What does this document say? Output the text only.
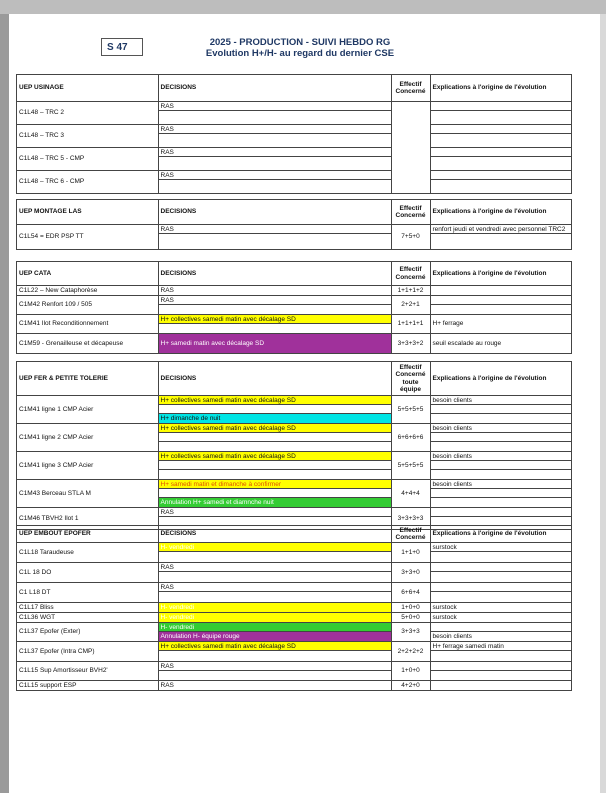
S 47	2025 - PRODUCTION - SUIVI HEBDO RG
Evolution H+/H- au regard du dernier CSE
UEP USINAGE	DECISIONS	Effectif Concerné	Explications à l'origine de l'évolution
C1L48 – TRC 2	RAS		

C1L48 – TRC 3	RAS		

C1L48 – TRC 5 - CMP	RAS		

C1L48 – TRC 6 - CMP	RAS		

UEP MONTAGE LAS	DECISIONS	Effectif Concerné	Explications à l'origine de l'évolution
C1L54 = EDR PSP TT	RAS	7+5+0	renfort jeudi et vendredi avec personnel TRC2
UEP CATA	DECISIONS	Effectif Concerné	Explications à l'origine de l'évolution
C1L22 – New Cataphorèse	RAS	1+1+1+2	

C1M42 Renfort 109 / 505	RAS	2+2+1	

C1M41 Ilot Reconditionnement	H+ collectives samedi matin avec décalage SD	1+1+1+1	H+ ferrage
C1M59 - Grenailleuse et décapeuse	H+ samedi matin avec décalage SD	3+3+3+2	seuil escalade au rouge
UEP FER & PETITE TOLERIE	DECISIONS	Effectif Concerné toute équipe	Explications à l'origine de l'évolution
C1M41 ligne 1 CMP Acier	H+ collectives samedi matin avec décalage SD
H+ dimanche de nuit	5+5+5+5	besoin clients

C1M41 ligne 2 CMP Acier	H+ collectives samedi matin avec décalage SD	6+6+6+6	besoin clients

C1M41 ligne 3 CMP Acier	H+ collectives samedi matin avec décalage SD	5+5+5+5	besoin clients

C1M43 Berceau STLA M	H+ samedi matin et dimanche à confirmer
Annulation H+ samedi et diamnche nuit	4+4+4	besoin clients

C1M46 TBVH2 Ilot 1	RAS	3+3+3+3	
UEP EMBOUT EPOFER	DECISIONS	Effectif Concerné	Explications à l'origine de l'évolution
C1L18 Taraudeuse	H- vendredi	1+1+0	surstock

C1L 18 DO	RAS	3+3+0	

C1 L18 DT	RAS	6+6+4	

C1L17 Bliss	H- vendredi	1+0+0	surstock

C1L36 WGT	H- vendredi	5+0+0	surstock

C1L37 Epofer (Exter)	H- vendredi
Annulation H- équipe rouge	3+3+3	besoin clients

C1L37 Epofer (Intra CMP)	H+ collectives samedi matin avec décalage SD	2+2+2+2	H+ ferrage samedi matin

C1L15 Sup Amortisseur BVH2'	RAS	1+0+0	

C1L15 support ESP	RAS	4+2+0	
